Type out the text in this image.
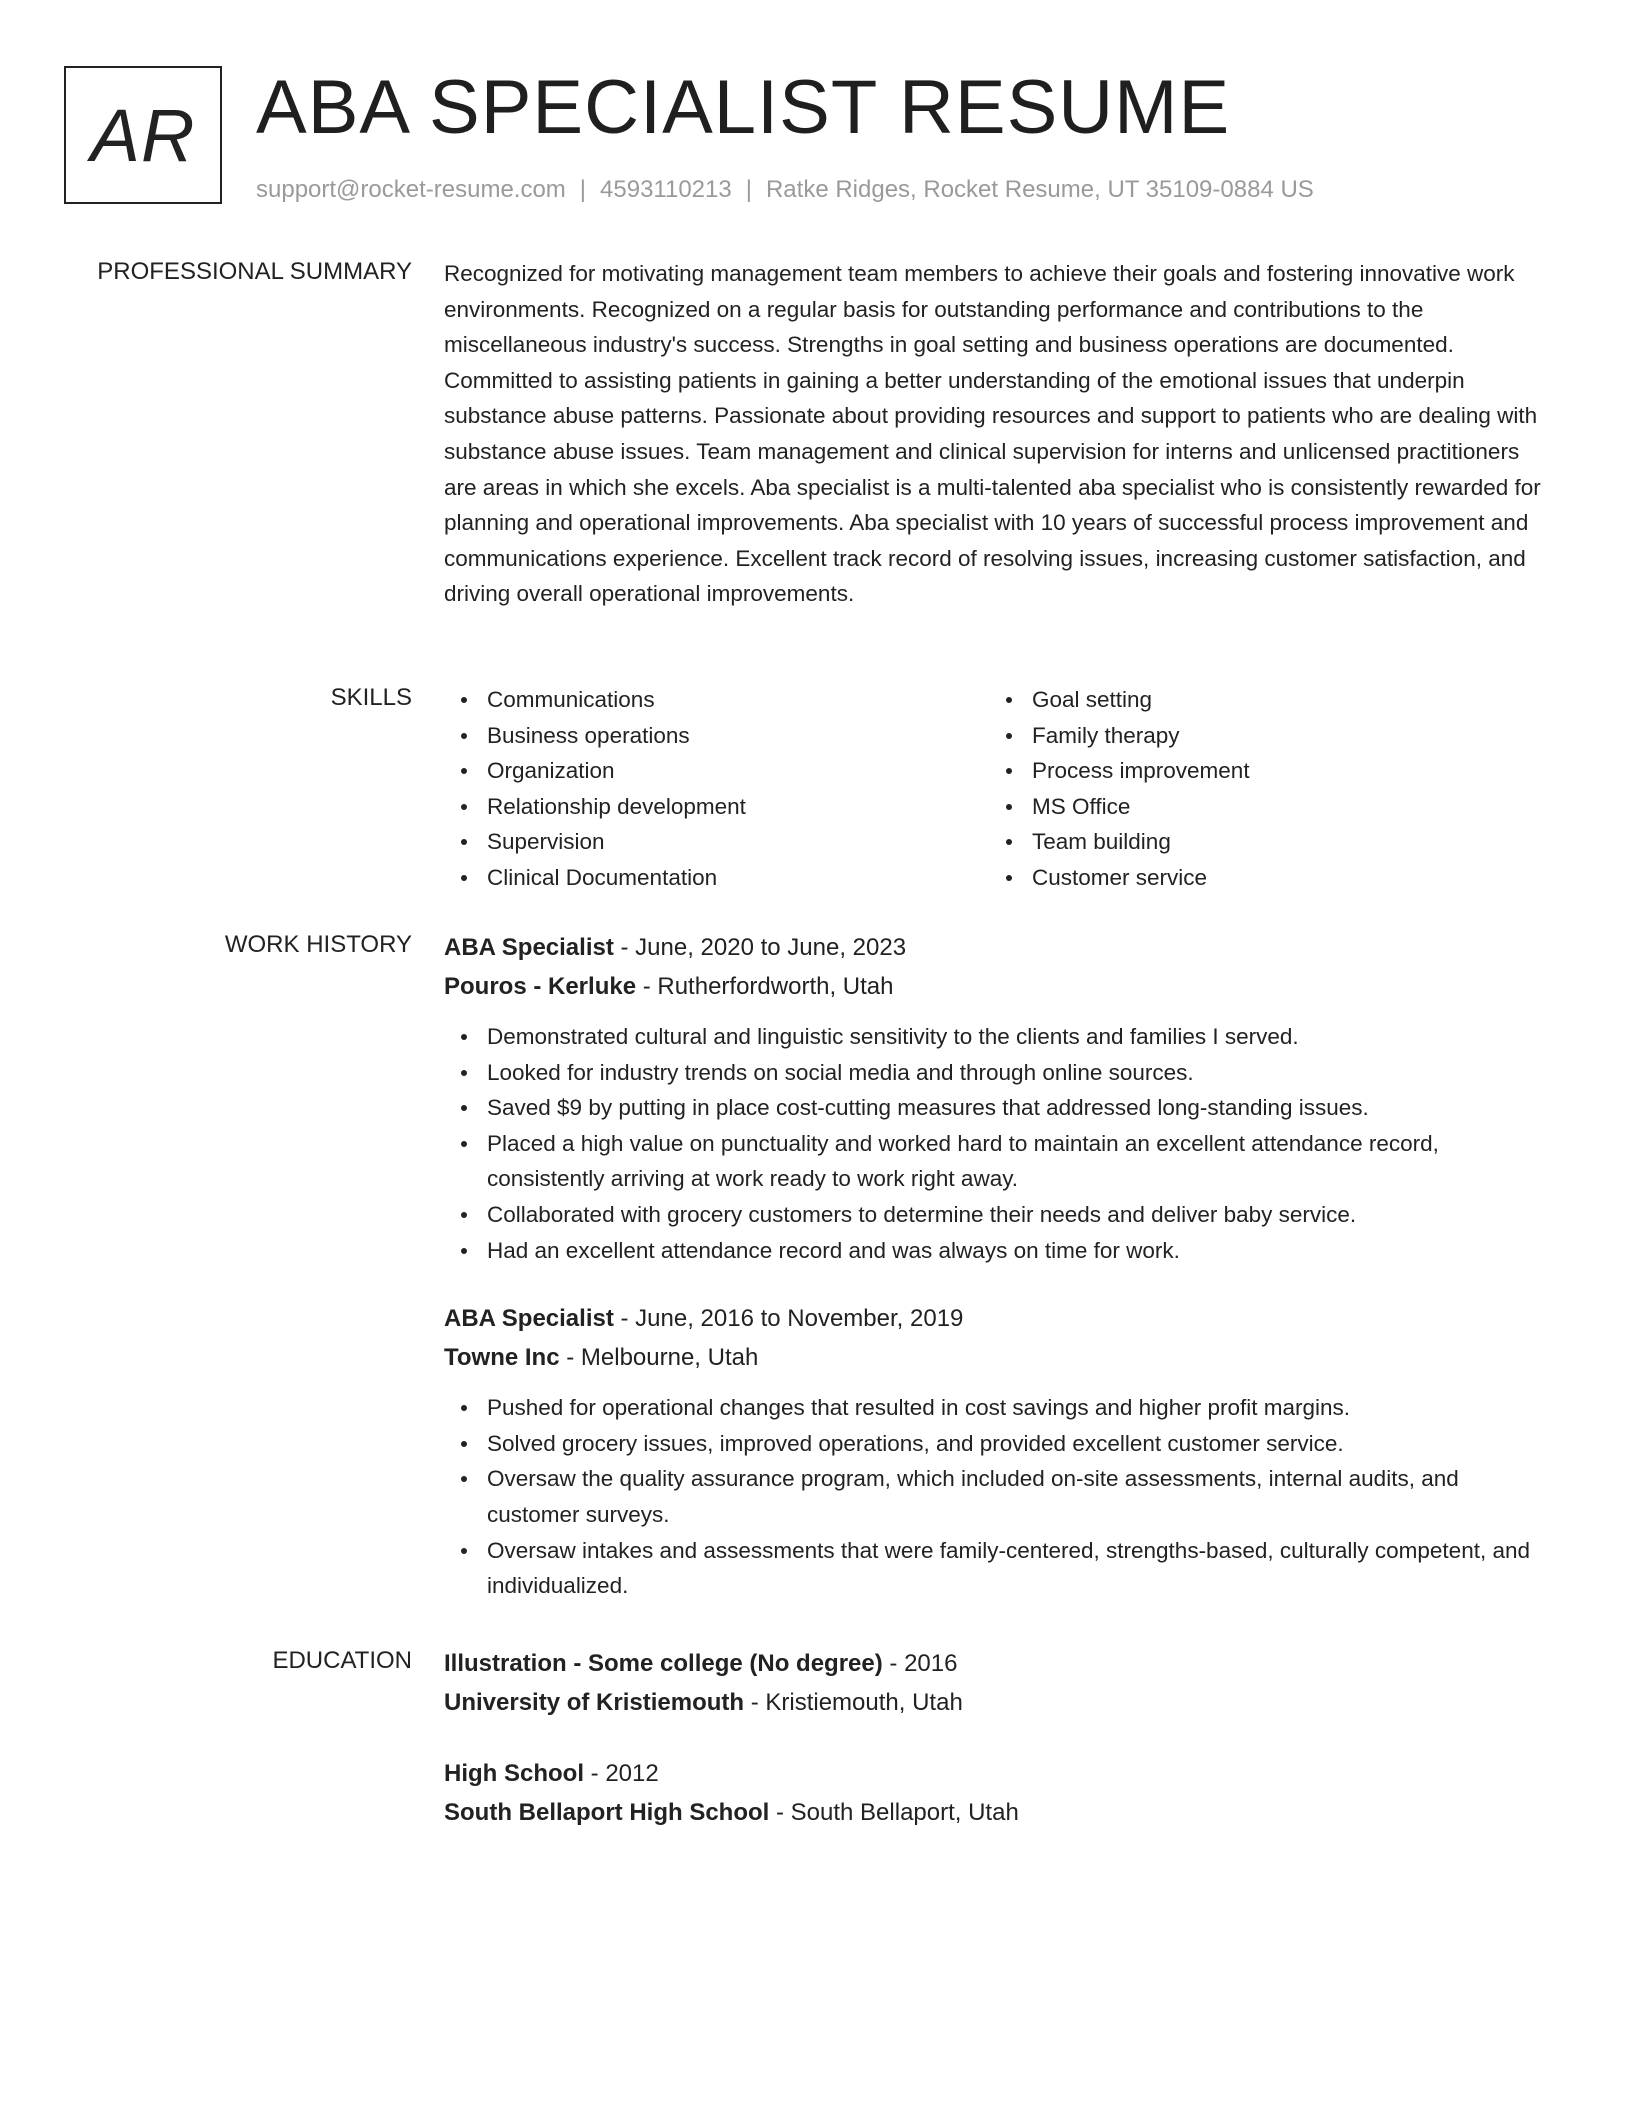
AR ABA SPECIALIST RESUME
support@rocket-resume.com | 4593110213 | Ratke Ridges, Rocket Resume, UT 35109-0884 US
PROFESSIONAL SUMMARY Recognized for motivating management team members to achieve their goals and fostering innovative work environments. Recognized on a regular basis for outstanding performance and contributions to the miscellaneous industry's success. Strengths in goal setting and business operations are documented. Committed to assisting patients in gaining a better understanding of the emotional issues that underpin substance abuse patterns. Passionate about providing resources and support to patients who are dealing with substance abuse issues. Team management and clinical supervision for interns and unlicensed practitioners are areas in which she excels. Aba specialist is a multi-talented aba specialist who is consistently rewarded for planning and operational improvements. Aba specialist with 10 years of successful process improvement and communications experience. Excellent track record of resolving issues, increasing customer satisfaction, and driving overall operational improvements.

SKILLS	Communications
Business operations
Organization
Relationship development
Supervision
Clinical Documentation
Goal setting
Family therapy
Process improvement
MS Office
Team building
Customer service
WORK HISTORY ABA Specialist - June, 2020 to June, 2023
Pouros - Kerluke - Rutherfordworth, Utah
Demonstrated cultural and linguistic sensitivity to the clients and families I served.
Looked for industry trends on social media and through online sources.
Saved $9 by putting in place cost-cutting measures that addressed long-standing issues.
Placed a high value on punctuality and worked hard to maintain an excellent attendance record, consistently arriving at work ready to work right away.
Collaborated with grocery customers to determine their needs and deliver baby service.
Had an excellent attendance record and was always on time for work.
ABA Specialist - June, 2016 to November, 2019
Towne Inc - Melbourne, Utah
Pushed for operational changes that resulted in cost savings and higher profit margins.
Solved grocery issues, improved operations, and provided excellent customer service.
Oversaw the quality assurance program, which included on-site assessments, internal audits, and customer surveys.
Oversaw intakes and assessments that were family-centered, strengths-based, culturally competent, and individualized.
EDUCATION Illustration - Some college (No degree) - 2016
University of Kristiemouth - Kristiemouth, Utah
High School - 2012
South Bellaport High School - South Bellaport, Utah
